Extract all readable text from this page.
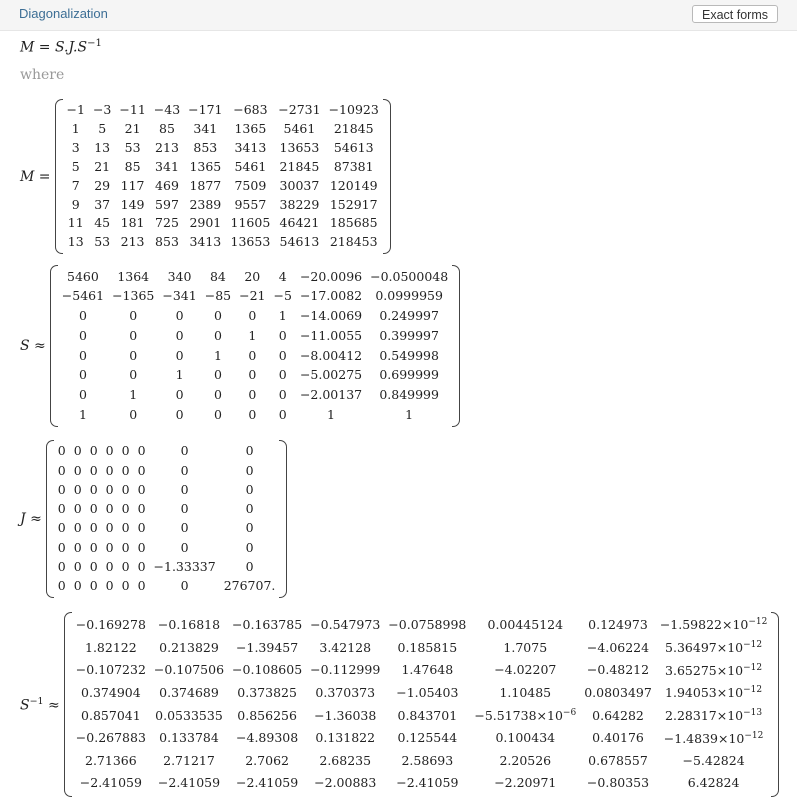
Diagonalization	Exact forms
$M = S.J.S^{-1}$
where
M =
−1	−3	−11	−43	−171	−683	−2731	−10923
1	5	21	85	341	1365	5461	21845
3	13	53	213	853	3413	13653	54613
5	21	85	341	1365	5461	21845	87381
7	29	117	469	1877	7509	30037	120149
9	37	149	597	2389	9557	38229	152917
11	45	181	725	2901	11605	46421	185685
13	53	213	853	3413	13653	54613	218453
S ≈
5460	1364	340	84	20	4	−20.0096	−0.0500048
−5461	−1365	−341	−85	−21	−5	−17.0082	0.0999959
0	0	0	0	0	1	−14.0069	0.249997
0	0	0	0	1	0	−11.0055	0.399997
0	0	0	1	0	0	−8.00412	0.549998
0	0	1	0	0	0	−5.00275	0.699999
0	1	0	0	0	0	−2.00137	0.849999
1	0	0	0	0	0	1	1
J ≈
0	0	0	0	0	0	0	0
0	0	0	0	0	0	0	0
0	0	0	0	0	0	0	0
0	0	0	0	0	0	0	0
0	0	0	0	0	0	0	0
0	0	0	0	0	0	0	0
0	0	0	0	0	0	−1.33337	0
0	0	0	0	0	0	0	276707.
$S^{-1}$ ≈
−0.169278	−0.16818	−0.163785	−0.547973	−0.0758998	0.00445124	0.124973	$-1.59822\times 10^{-12}$
1.82122	0.213829	−1.39457	3.42128	0.185815	1.7075	−4.06224	$5.36497\times 10^{-12}$
−0.107232	−0.107506	−0.108605	−0.112999	1.47648	−4.02207	−0.48212	$3.65275\times 10^{-12}$
0.374904	0.374689	0.373825	0.370373	−1.05403	1.10485	0.0803497	$1.94053\times 10^{-12}$
0.857041	0.0533535	0.856256	−1.36038	0.843701	$-5.51738\times 10^{-6}$	0.64282	$2.28317\times 10^{-13}$
−0.267883	0.133784	−4.89308	0.131822	0.125544	0.100434	0.40176	$-1.4839\times 10^{-12}$
2.71366	2.71217	2.7062	2.68235	2.58693	2.20526	0.678557	−5.42824
−2.41059	−2.41059	−2.41059	−2.00883	−2.41059	−2.20971	−0.80353	6.42824
